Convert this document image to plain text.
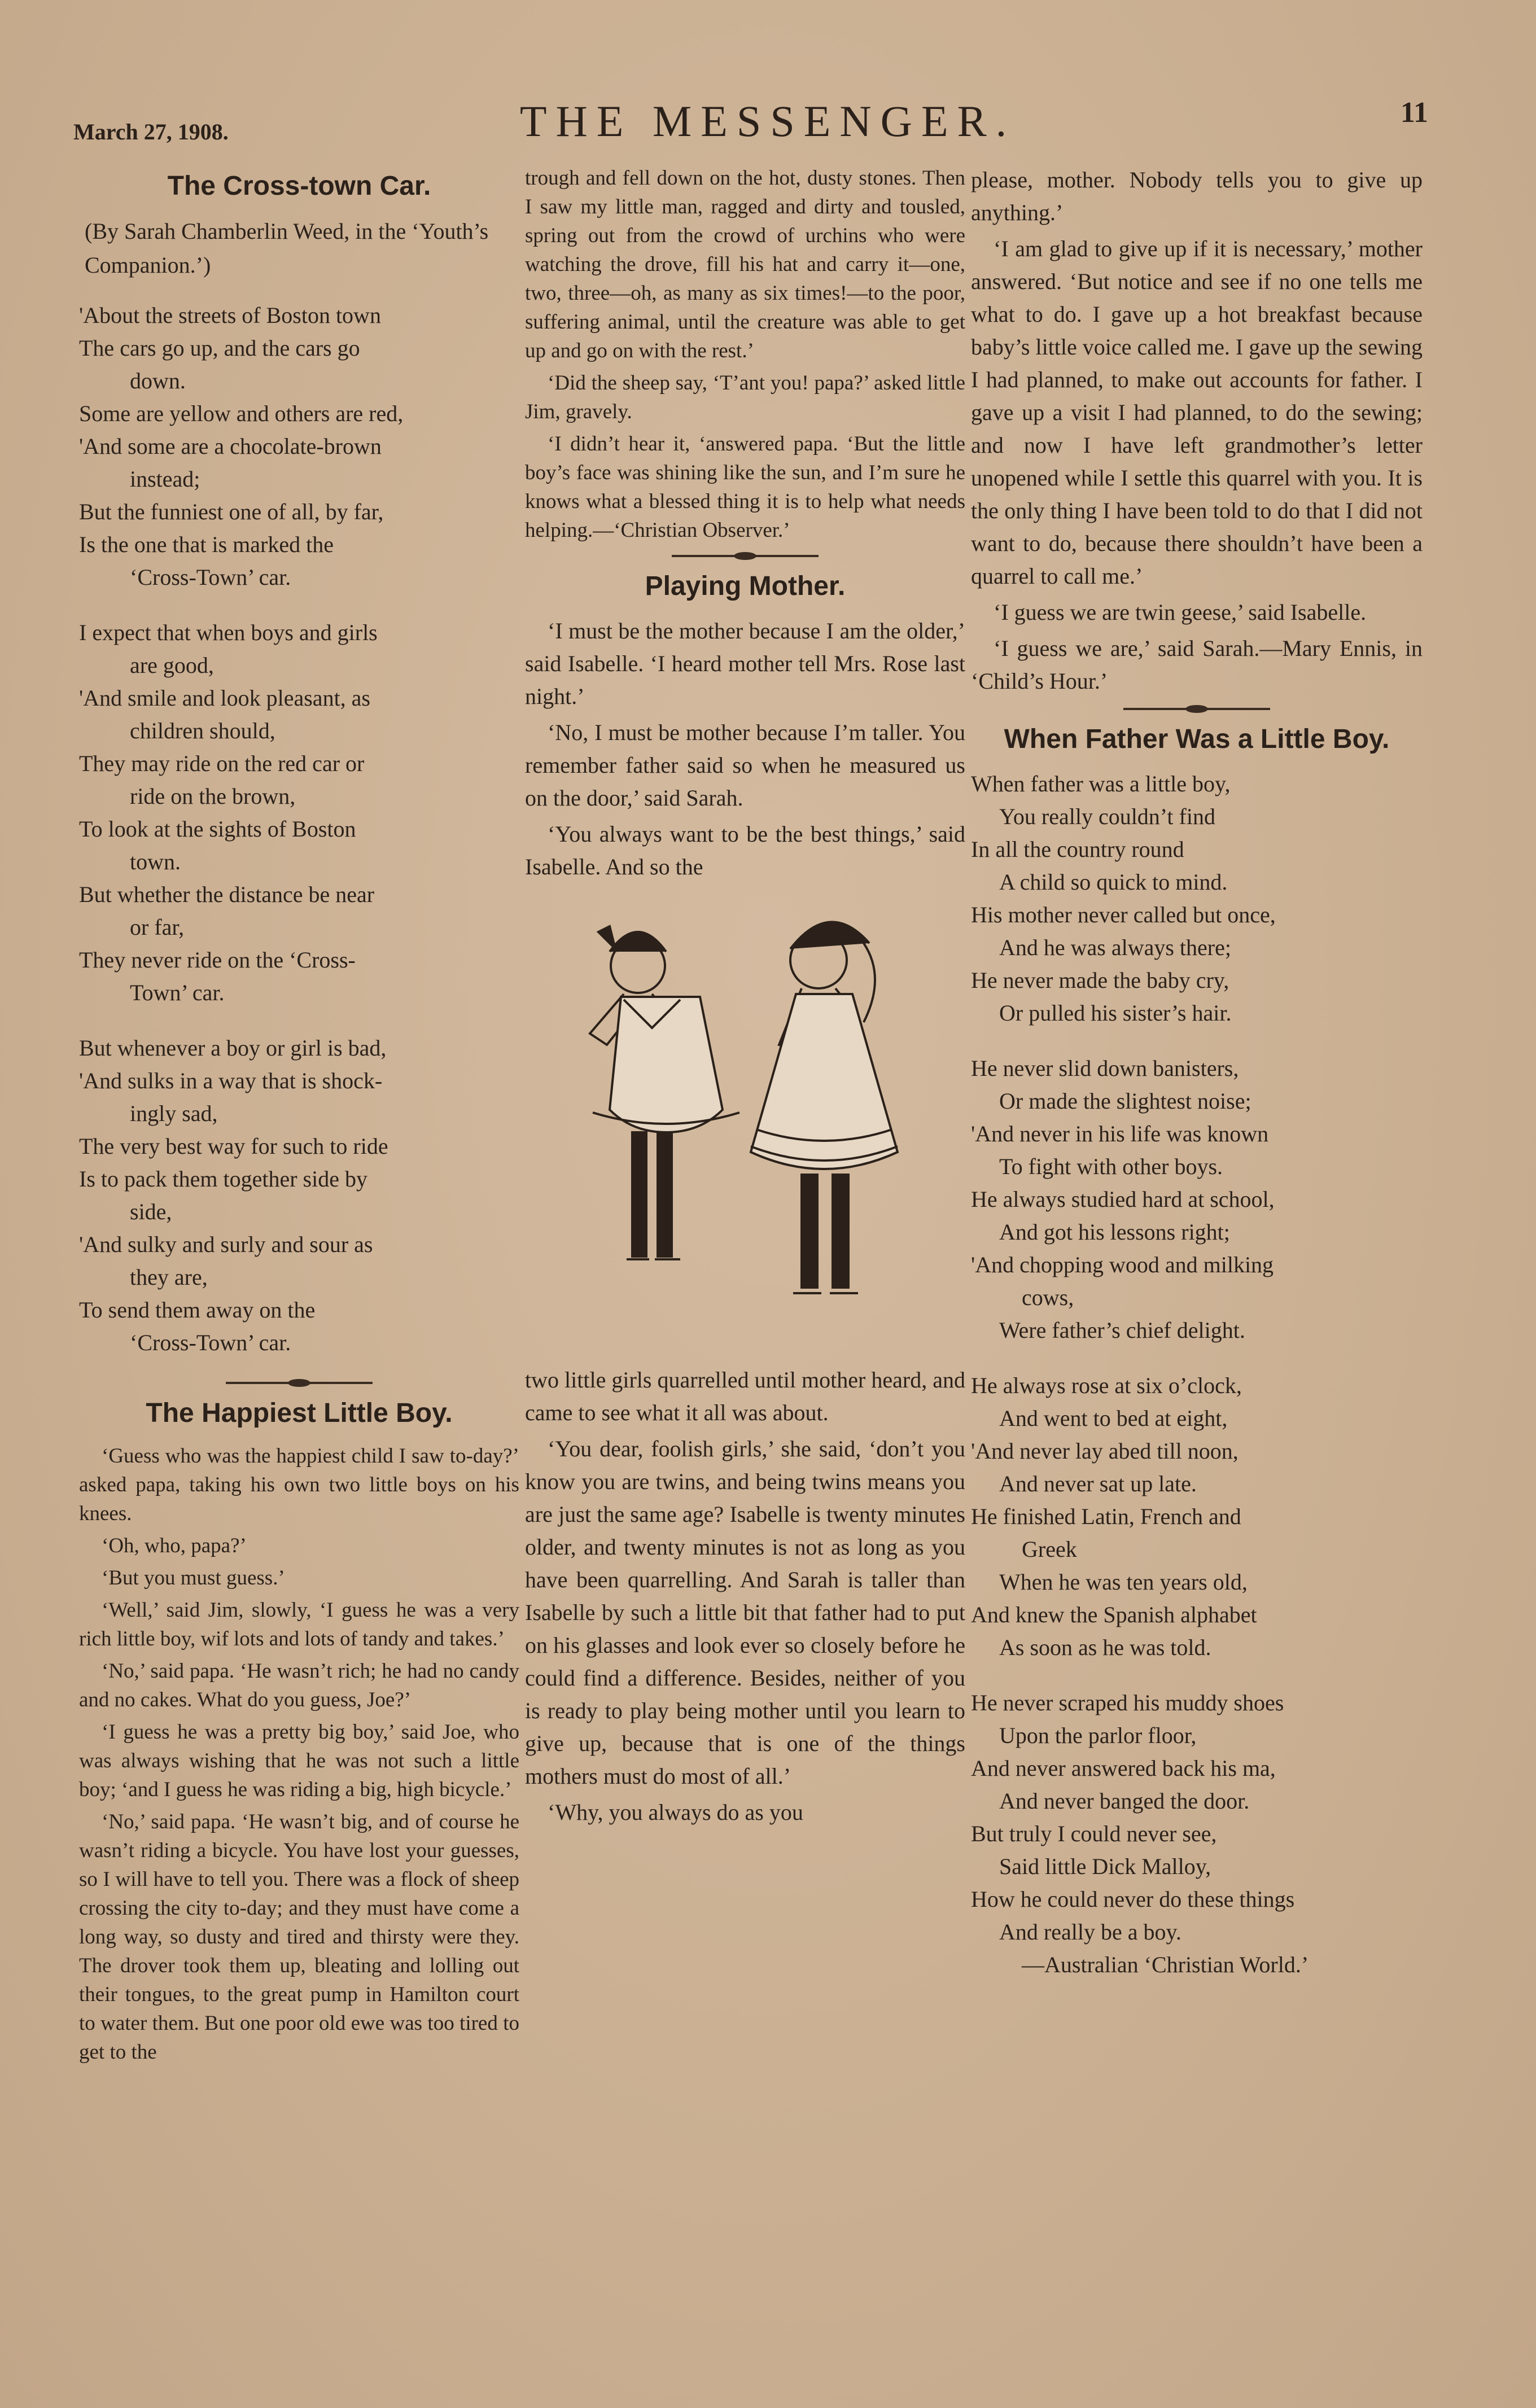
March 27, 1908.	THE MESSENGER.	11
The Cross-town Car.
(By Sarah Chamberlin Weed, in the ‘Youth’s Companion.’)
'About the streets of Boston town
The cars go up, and the cars go
down.
Some are yellow and others are red,
'And some are a chocolate-brown
instead;
But the funniest one of all, by far,
Is the one that is marked the
‘Cross-Town’ car.
I expect that when boys and girls
are good,
'And smile and look pleasant, as
children should,
They may ride on the red car or
ride on the brown,
To look at the sights of Boston
town.
But whether the distance be near
or far,
They never ride on the ‘Cross-
Town’ car.
But whenever a boy or girl is bad,
'And sulks in a way that is shock-
ingly sad,
The very best way for such to ride
Is to pack them together side by
side,
'And sulky and surly and sour as
they are,
To send them away on the
‘Cross-Town’ car.
The Happiest Little Boy.

‘Guess who was the happiest child I saw to-day?’ asked papa, taking his own two little boys on his knees.

‘Oh, who, papa?’

‘But you must guess.’

‘Well,’ said Jim, slowly, ‘I guess he was a very rich little boy, wif lots and lots of tandy and takes.’

‘No,’ said papa. ‘He wasn’t rich; he had no candy and no cakes. What do you guess, Joe?’

‘I guess he was a pretty big boy,’ said Joe, who was always wishing that he was not such a little boy; ‘and I guess he was riding a big, high bicycle.’

‘No,’ said papa. ‘He wasn’t big, and of course he wasn’t riding a bicycle. You have lost your guesses, so I will have to tell you. There was a flock of sheep crossing the city to-day; and they must have come a long way, so dusty and tired and thirsty were they. The drover took them up, bleating and lolling out their tongues, to the great pump in Hamilton court to water them. But one poor old ewe was too tired to get to the

trough and fell down on the hot, dusty stones. Then I saw my little man, ragged and dirty and tousled, spring out from the crowd of urchins who were watching the drove, fill his hat and carry it—one, two, three—oh, as many as six times!—to the poor, suffering animal, until the creature was able to get up and go on with the rest.’

‘Did the sheep say, ‘T’ant you! papa?’ asked little Jim, gravely.

‘I didn’t hear it, ‘answered papa. ‘But the little boy’s face was shining like the sun, and I’m sure he knows what a blessed thing it is to help what needs helping.—‘Christian Observer.’

Playing Mother.

‘I must be the mother because I am the older,’ said Isabelle. ‘I heard mother tell Mrs. Rose last night.’

‘No, I must be mother because I’m taller. You remember father said so when he measured us on the door,’ said Sarah.

‘You always want to be the best things,’ said Isabelle. And so the

two little girls quarrelled until mother heard, and came to see what it all was about.

‘You dear, foolish girls,’ she said, ‘don’t you know you are twins, and being twins means you are just the same age? Isabelle is twenty minutes older, and twenty minutes is not as long as you have been quarrelling. And Sarah is taller than Isabelle by such a little bit that father had to put on his glasses and look ever so closely before he could find a difference. Besides, neither of you is ready to play being mother until you learn to give up, because that is one of the things mothers must do most of all.’

‘Why, you always do as you

please, mother. Nobody tells you to give up anything.’

‘I am glad to give up if it is necessary,’ mother answered. ‘But notice and see if no one tells me what to do. I gave up a hot breakfast because baby’s little voice called me. I gave up the sewing I had planned, to make out accounts for father. I gave up a visit I had planned, to do the sewing; and now I have left grandmother’s letter unopened while I settle this quarrel with you. It is the only thing I have been told to do that I did not want to do, because there shouldn’t have been a quarrel to call me.’

‘I guess we are twin geese,’ said Isabelle.

‘I guess we are,’ said Sarah.—Mary Ennis, in ‘Child’s Hour.’

When Father Was a Little Boy.
When father was a little boy,
You really couldn’t find
In all the country round
A child so quick to mind.
His mother never called but once,
And he was always there;
He never made the baby cry,
Or pulled his sister’s hair.
He never slid down banisters,
Or made the slightest noise;
'And never in his life was known
To fight with other boys.
He always studied hard at school,
And got his lessons right;
'And chopping wood and milking
cows,
Were father’s chief delight.
He always rose at six o’clock,
And went to bed at eight,
'And never lay abed till noon,
And never sat up late.
He finished Latin, French and
Greek
When he was ten years old,
And knew the Spanish alphabet
As soon as he was told.
He never scraped his muddy shoes
Upon the parlor floor,
And never answered back his ma,
And never banged the door.
But truly I could never see,
Said little Dick Malloy,
How he could never do these things
And really be a boy.
—Australian ‘Christian World.’
